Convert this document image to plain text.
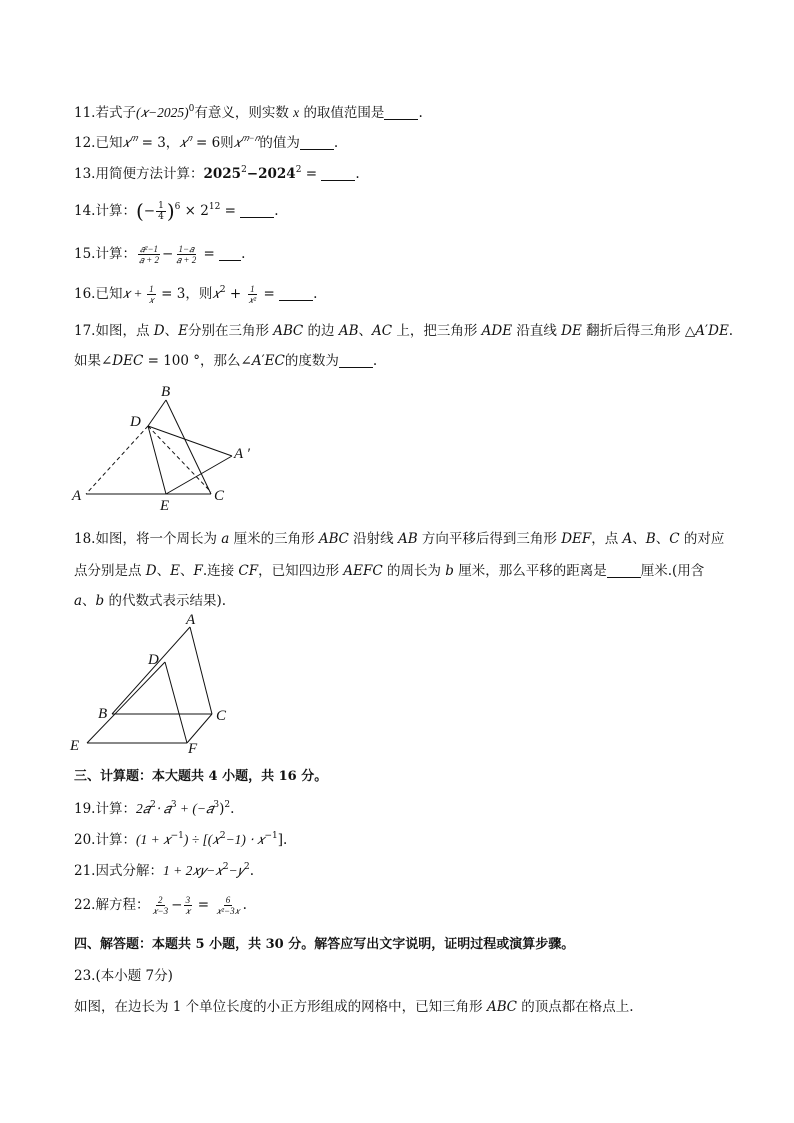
11.若式子(𝑥−2025)$^0$有意义，则实数 x 的取值范围是	.
12.已知𝑥$^𝑚$ = 3，𝑥$^𝑛$ = 6则𝑥$^{𝑚-𝑛}$的值为	.
13.用简便方法计算：$2025^2-2024^2$ =	.
14.计算：(− $\frac{1}{4} )^6 \times 2^{12}$ =	.
15.计算： $\frac{\text{𝑎²−1}}{\text{𝑎 + 2}} - \frac{\text{1−𝑎}}{\text{𝑎 + 2}}$ = .
16.已知𝑥 + $\frac{1}{\text{𝑥}} = 3$，则𝑥$^2$ + $\frac{1}{\text{𝑥²}}$ =	.
17.如图，点 𝐷、𝐸分别在三角形 𝐴𝐵𝐶 的边 𝐴𝐵、𝐴𝐶 上，把三角形 𝐴𝐷𝐸 沿直线 𝐷𝐸 翻折后得三角形 △𝐴′𝐷𝐸.
如果∠𝐷𝐸𝐶 = 100 °，那么∠𝐴′𝐸𝐶的度数为	.
B
D
A ′
A
E
C
18.如图，将一个周长为 𝑎 厘米的三角形 𝐴𝐵𝐶 沿射线 𝐴𝐵 方向平移后得到三角形 𝐷𝐸𝐹，点 𝐴、𝐵、𝐶 的对应
点分别是点 𝐷、𝐸、𝐹.连接 𝐶𝐹，已知四边形 𝐴𝐸𝐹𝐶 的周长为 𝑏 厘米，那么平移的距离是	厘米.(用含
𝑎、𝑏 的代数式表示结果).
A
D
B	C
E	F
三、计算题：本大题共 4 小题，共 16 分。
19.计算：2𝑎$^2$⋅ 𝑎$^3$ + (−𝑎$^3$)$^2$.
20.计算：(1 + 𝑥$^{-1}$) ÷ [(𝑥$^2$−1) ⋅ 𝑥$^{-1}$].
21.因式分解：1 + 2𝑥𝑦−𝑥$^2$−𝑦$^2$.
22.解方程： $\frac{2}{\text{𝑥−3}} - \frac{3}{\text{𝑥}} = \frac{6}{\text{𝑥²−3𝑥}}$ .
四、解答题：本题共 5 小题，共 30 分。解答应写出文字说明，证明过程或演算步骤。
23.(本小题 7分)
如图，在边长为 1 个单位长度的小正方形组成的网格中，已知三角形 𝐴𝐵𝐶 的顶点都在格点上.
